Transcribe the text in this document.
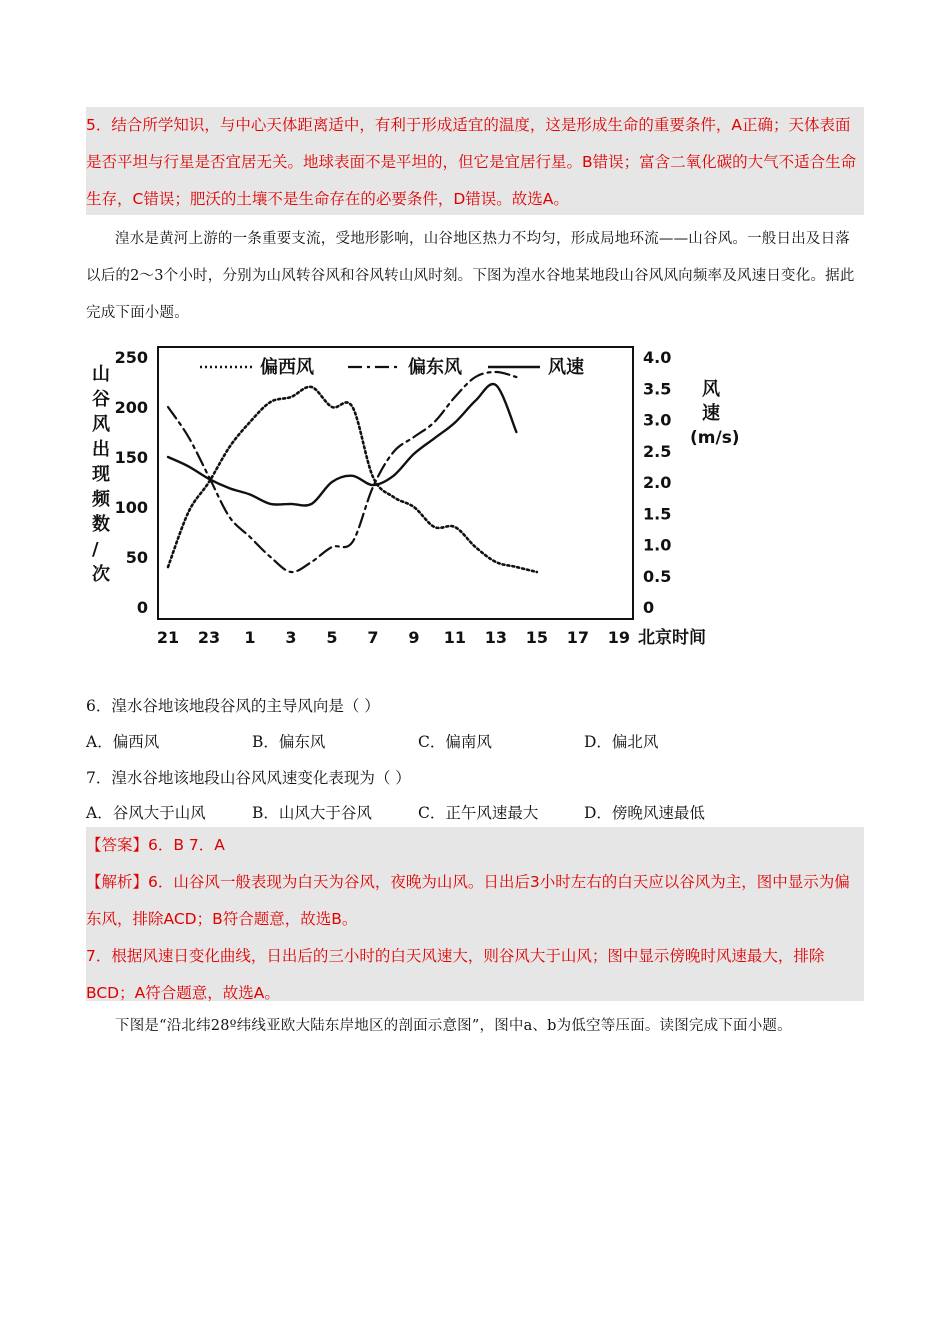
5．结合所学知识，与中心天体距离适中，有利于形成适宜的温度，这是形成生命的重要条件，A正确；天体表面是否平坦与行星是否宜居无关。地球表面不是平坦的，但它是宜居行星。B错误；富含二氧化碳的大气不适合生命生存，C错误；肥沃的土壤不是生命存在的必要条件，D错误。故选A。

湟水是黄河上游的一条重要支流，受地形影响，山谷地区热力不均匀，形成局地环流——山谷风。一般日出及日落以后的2～3个小时，分别为山风转谷风和谷风转山风时刻。下图为湟水谷地某地段山谷风风向频率及风速日变化。据此完成下面小题。

山
谷
风
出
现
频
数
/
次
风
速
(m/s)
250
200
150
100
50
0
4.0
3.5
3.0
2.5
2.0
1.5
1.0
0.5
0
21 23 1 3 5 7 9 11 13 15 17 19
偏西风	偏东风	风速
北京时间
6．湟水谷地该地段谷风的主导风向是（ ）
A．偏西风	B．偏东风	C．偏南风	D．偏北风
7．湟水谷地该地段山谷风风速变化表现为（ ）
A．谷风大于山风	B．山风大于谷风	C．正午风速最大	D．傍晚风速最低

【答案】6．B 7．A

【解析】6．山谷风一般表现为白天为谷风，夜晚为山风。日出后3小时左右的白天应以谷风为主，图中显示为偏东风，排除ACD；B符合题意，故选B。

7．根据风速日变化曲线，日出后的三小时的白天风速大，则谷风大于山风；图中显示傍晚时风速最大，排除BCD；A符合题意，故选A。

下图是“沿北纬28º纬线亚欧大陆东岸地区的剖面示意图”，图中a、b为低空等压面。读图完成下面小题。
